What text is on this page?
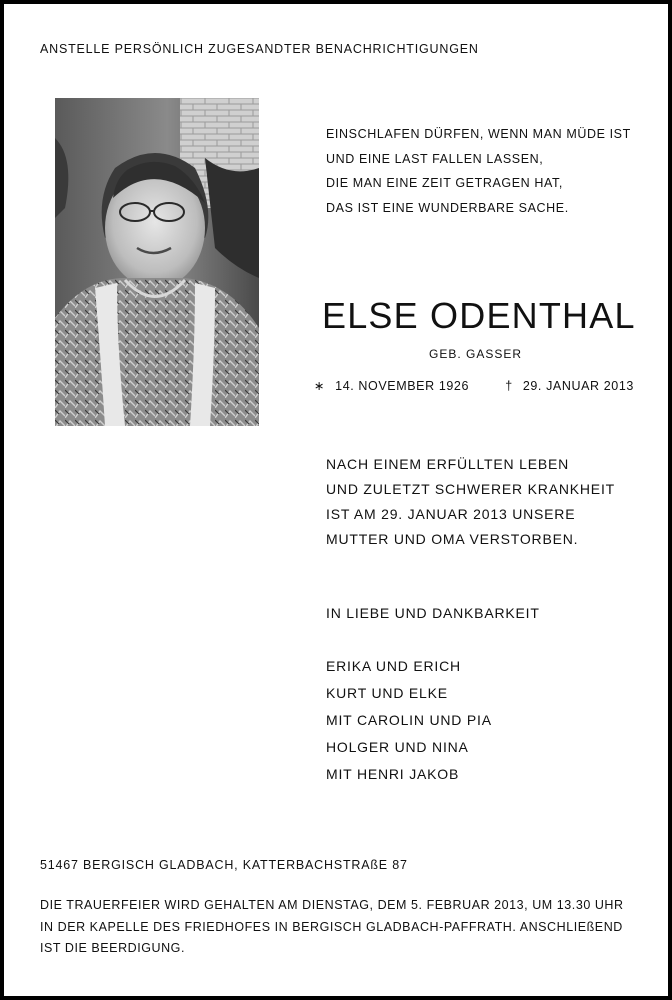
ANSTELLE PERSÖNLICH ZUGESANDTER BENACHRICHTIGUNGEN
EINSCHLAFEN DÜRFEN, WENN MAN MÜDE IST
UND EINE LAST FALLEN LASSEN,
DIE MAN EINE ZEIT GETRAGEN HAT,
DAS IST EINE WUNDERBARE SACHE.
ELSE ODENTHAL
GEB. GASSER
∗ 14. NOVEMBER 1926	† 29. JANUAR 2013
NACH EINEM ERFÜLLTEN LEBEN
UND ZULETZT SCHWERER KRANKHEIT
IST AM 29. JANUAR 2013 UNSERE
MUTTER UND OMA VERSTORBEN.
IN LIEBE UND DANKBARKEIT
ERIKA UND ERICH
KURT UND ELKE
MIT CAROLIN UND PIA
HOLGER UND NINA
MIT HENRI JAKOB
51467 BERGISCH GLADBACH, KATTERBACHSTRAßE 87
DIE TRAUERFEIER WIRD GEHALTEN AM DIENSTAG, DEM 5. FEBRUAR 2013, UM 13.30 UHR
IN DER KAPELLE DES FRIEDHOFES IN BERGISCH GLADBACH-PAFFRATH. ANSCHLIEßEND
IST DIE BEERDIGUNG.
